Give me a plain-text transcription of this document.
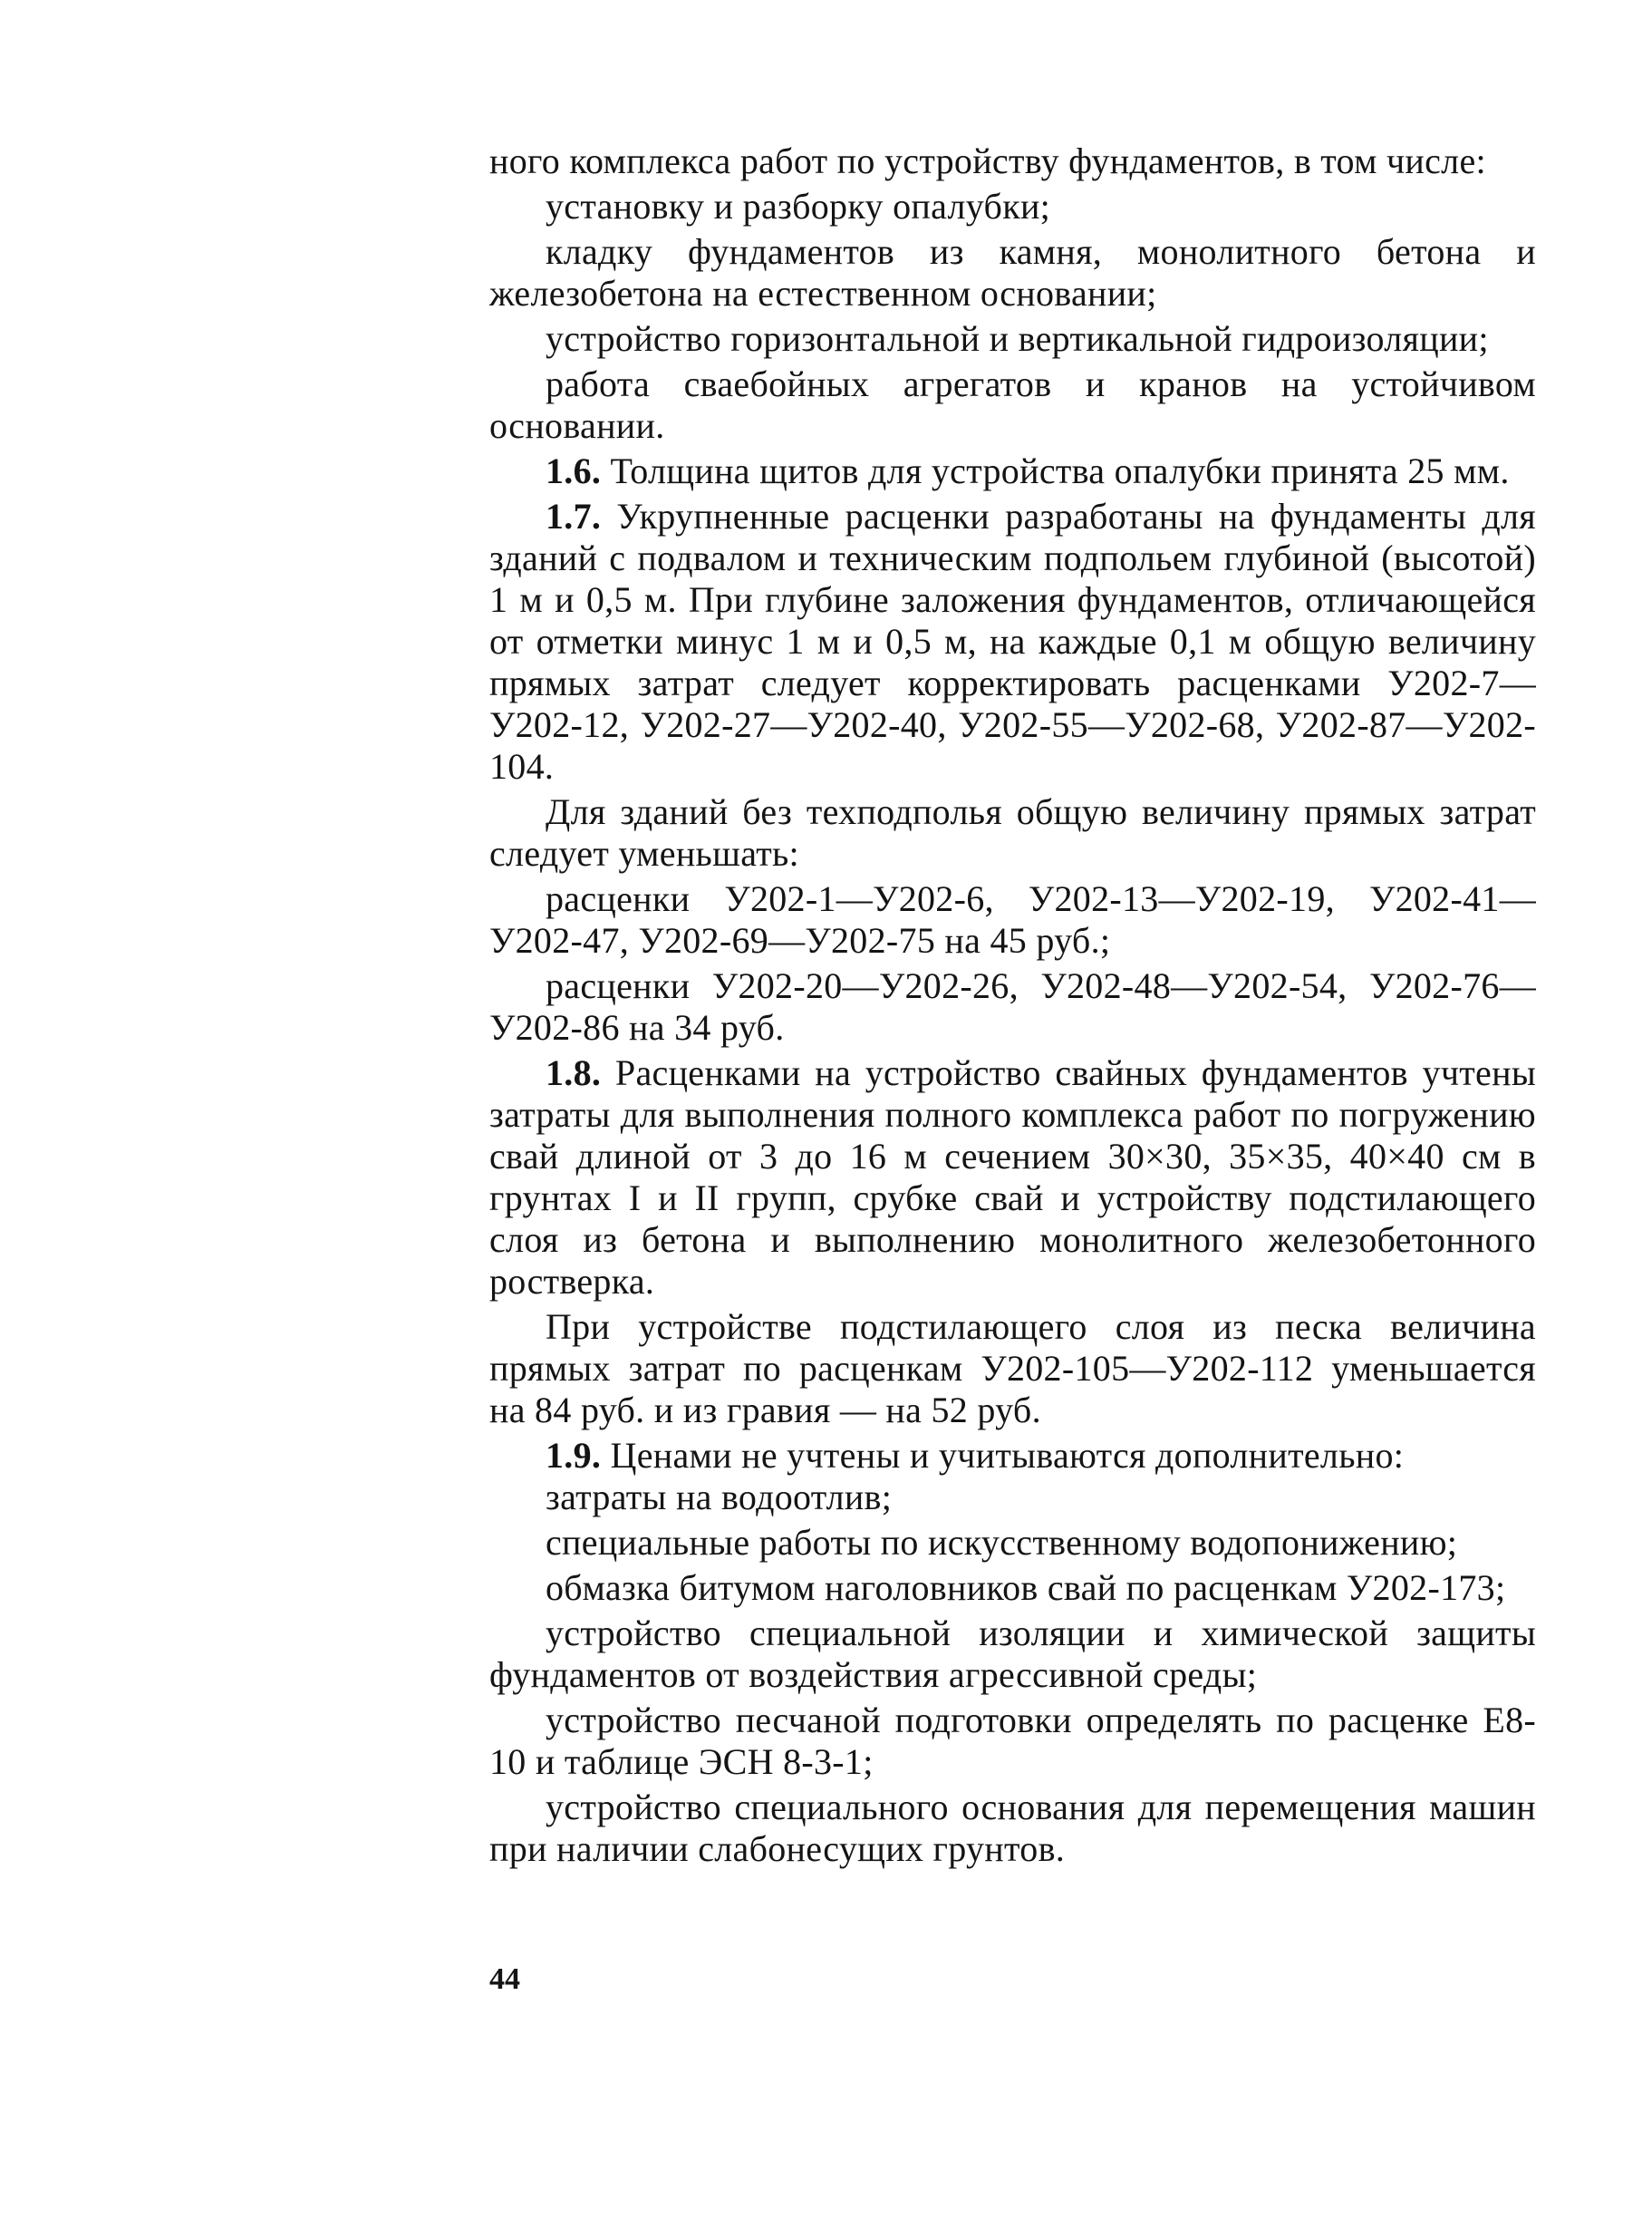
ного комплекса работ по устройству фундаментов, в том числе:

установку и разборку опалубки;

кладку фундаментов из камня, монолитного бетона и железобетона на естественном основании;

устройство горизонтальной и вертикальной гидроизоляции;

работа сваебойных агрегатов и кранов на устойчивом основании.

1.6. Толщина щитов для устройства опалубки принята 25 мм.

1.7. Укрупненные расценки разработаны на фундаменты для зданий с подвалом и техническим подпольем глубиной (высотой) 1 м и 0,5 м. При глубине заложения фундаментов, отличающейся от отметки минус 1 м и 0,5 м, на каждые 0,1 м общую величину прямых затрат следует корректировать расценками У202-7—У202-12, У202-27—У202-40, У202-55—У202-68, У202-87—У202-104.

Для зданий без техподполья общую величину прямых затрат следует уменьшать:

расценки У202-1—У202-6, У202-13—У202-19, У202-41—У202-47, У202-69—У202-75 на 45 руб.;

расценки У202-20—У202-26, У202-48—У202-54, У202-76—У202-86 на 34 руб.

1.8. Расценками на устройство свайных фундаментов учтены затраты для выполнения полного комплекса работ по погружению свай длиной от 3 до 16 м сечением 30×30, 35×35, 40×40 см в грунтах I и II групп, срубке свай и устройству подстилающего слоя из бетона и выполнению монолитного железобетонного ростверка.

При устройстве подстилающего слоя из песка величина прямых затрат по расценкам У202-105—У202-112 уменьшается на 84 руб. и из гравия — на 52 руб.

1.9. Ценами не учтены и учитываются дополнительно:

затраты на водоотлив;

специальные работы по искусственному водопонижению;

обмазка битумом наголовников свай по расценкам У202-173;

устройство специальной изоляции и химической защиты фундаментов от воздействия агрессивной среды;

устройство песчаной подготовки определять по расценке Е8-10 и таблице ЭСН 8-3-1;

устройство специального основания для перемещения машин при наличии слабонесущих грунтов.

44
